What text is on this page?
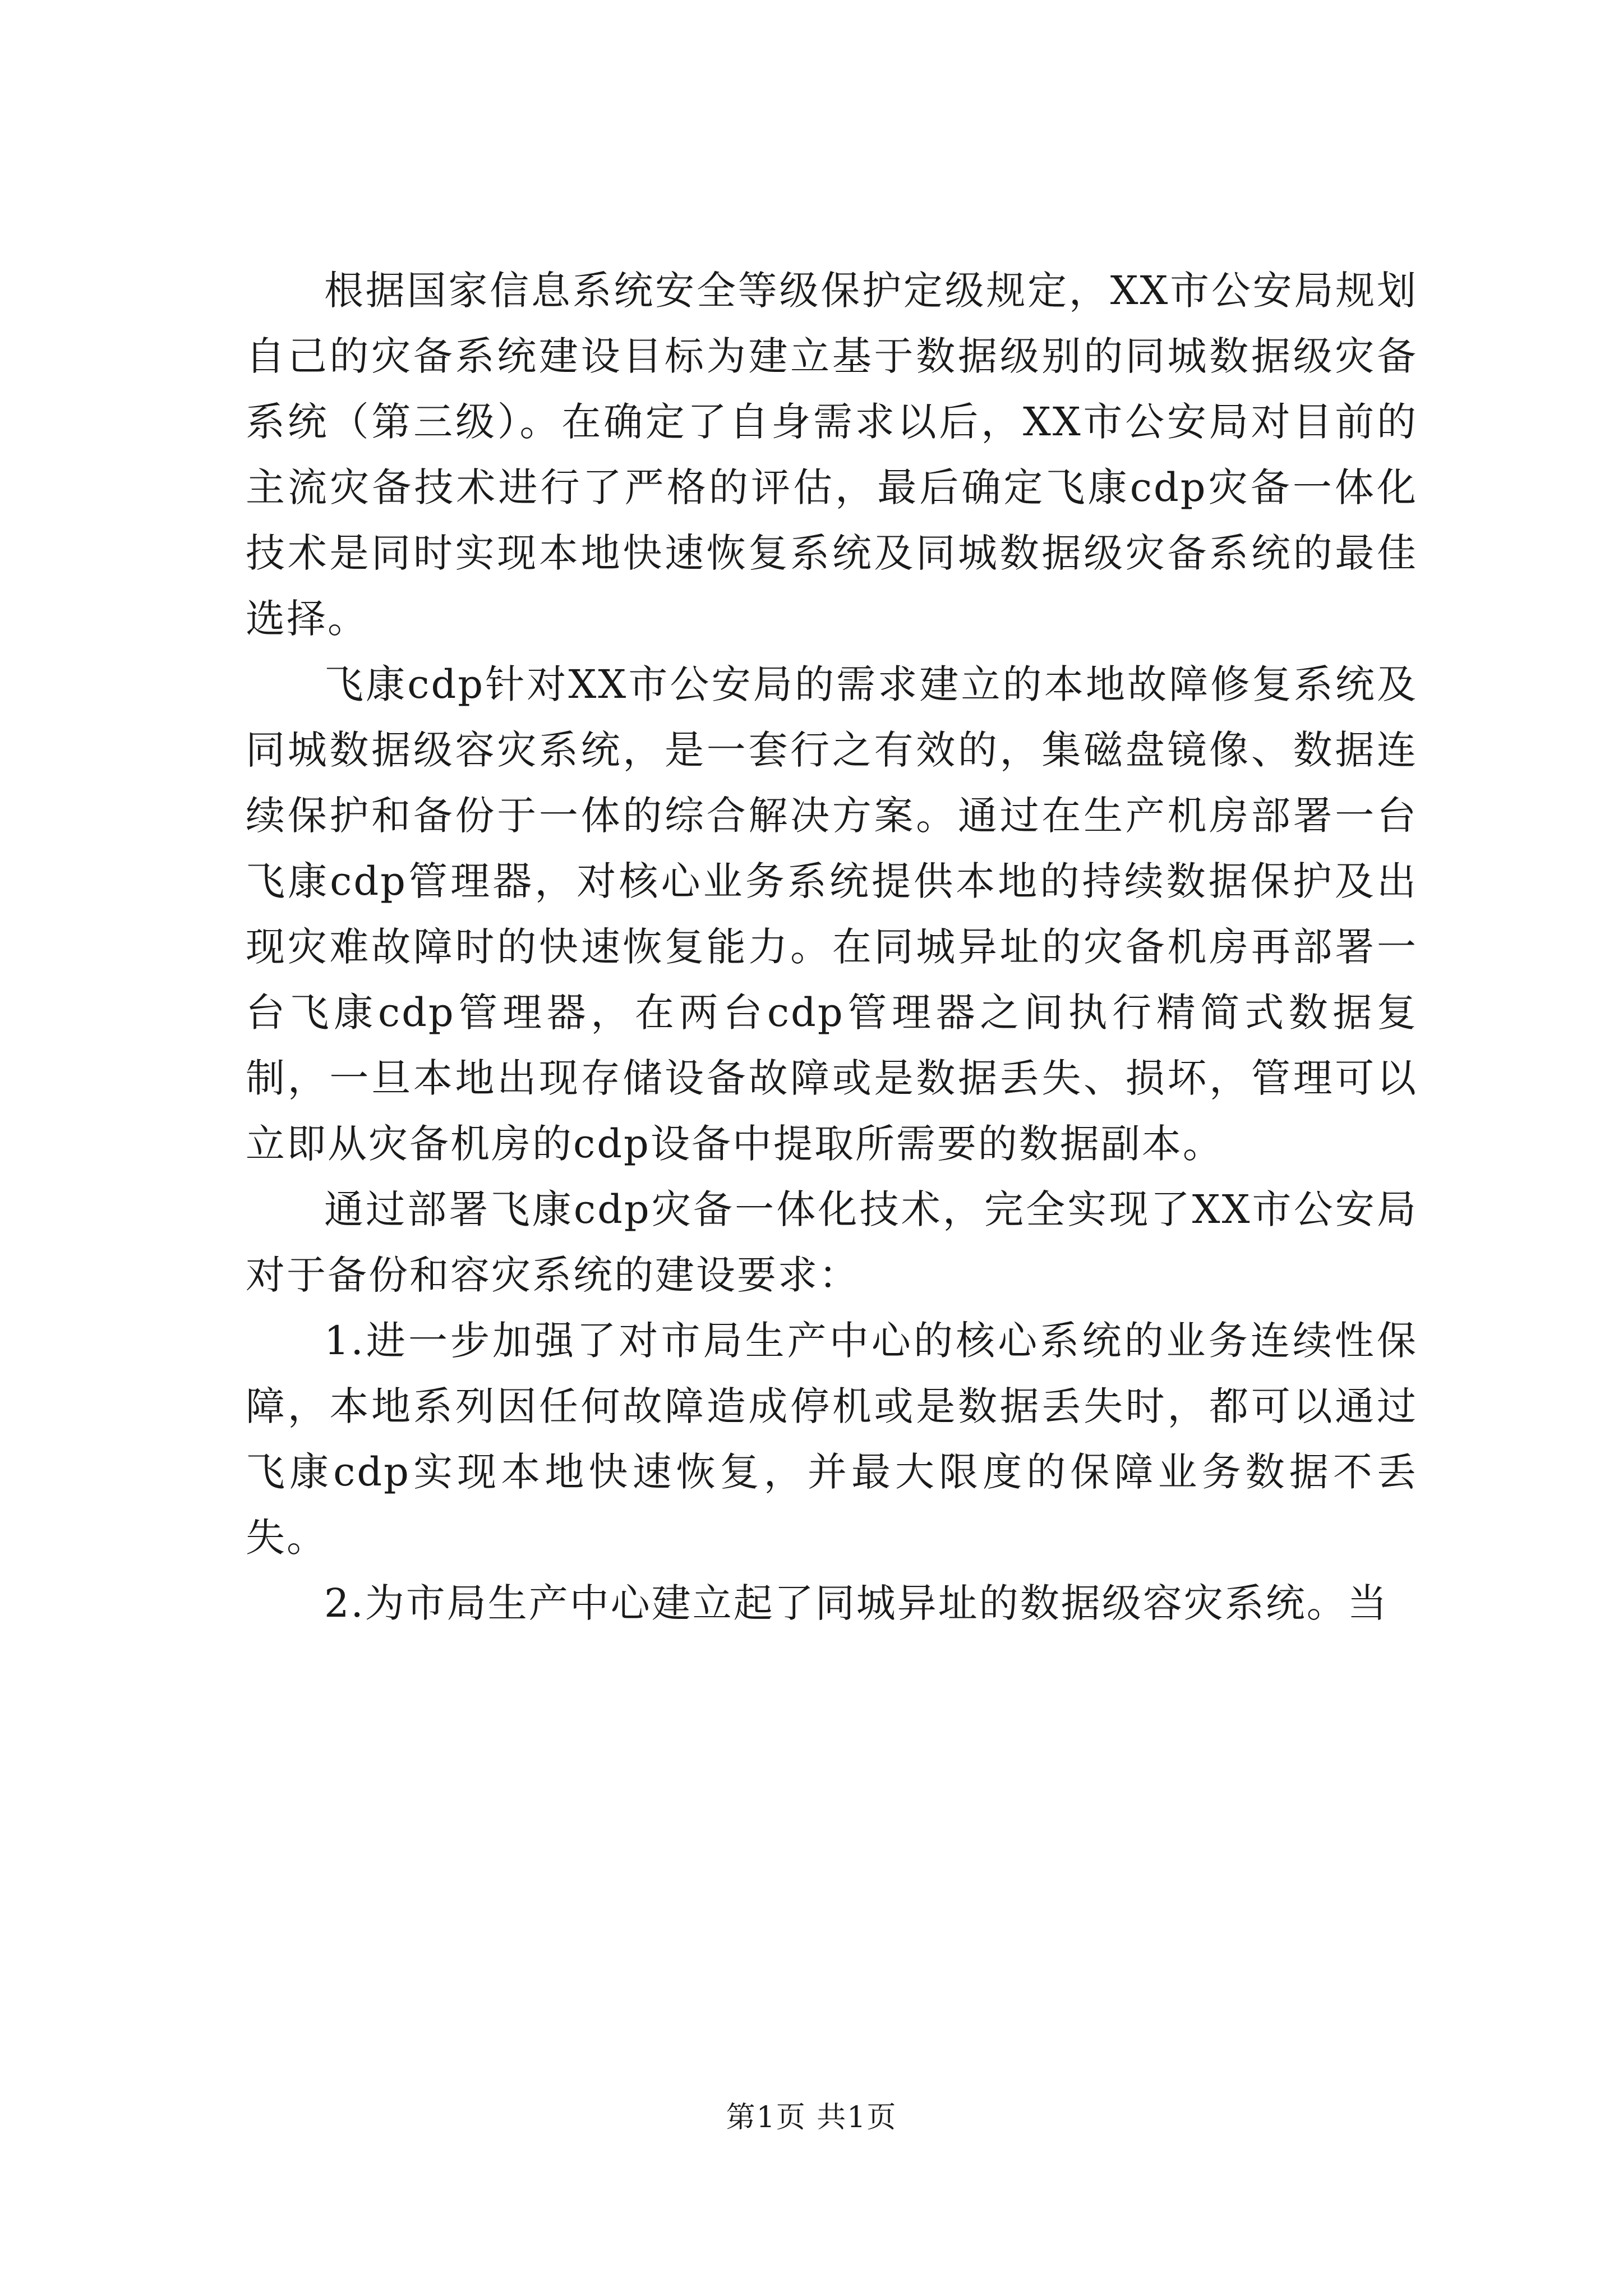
根据国家信息系统安全等级保护定级规定，XX市公安局规划自己的灾备系统建设目标为建立基于数据级别的同城数据级灾备系统（第三级）。在确定了自身需求以后，XX市公安局对目前的主流灾备技术进行了严格的评估，最后确定飞康cdp灾备一体化技术是同时实现本地快速恢复系统及同城数据级灾备系统的最佳选择。

飞康cdp针对XX市公安局的需求建立的本地故障修复系统及同城数据级容灾系统，是一套行之有效的，集磁盘镜像、数据连续保护和备份于一体的综合解决方案。通过在生产机房部署一台飞康cdp管理器，对核心业务系统提供本地的持续数据保护及出现灾难故障时的快速恢复能力。在同城异址的灾备机房再部署一台飞康cdp管理器，在两台cdp管理器之间执行精简式数据复制，一旦本地出现存储设备故障或是数据丢失、损坏，管理可以立即从灾备机房的cdp设备中提取所需要的数据副本。

通过部署飞康cdp灾备一体化技术，完全实现了XX市公安局对于备份和容灾系统的建设要求：

1.进一步加强了对市局生产中心的核心系统的业务连续性保障，本地系列因任何故障造成停机或是数据丢失时，都可以通过飞康cdp实现本地快速恢复，并最大限度的保障业务数据不丢失。

2.为市局生产中心建立起了同城异址的数据级容灾系统。当

第1页 共1页
